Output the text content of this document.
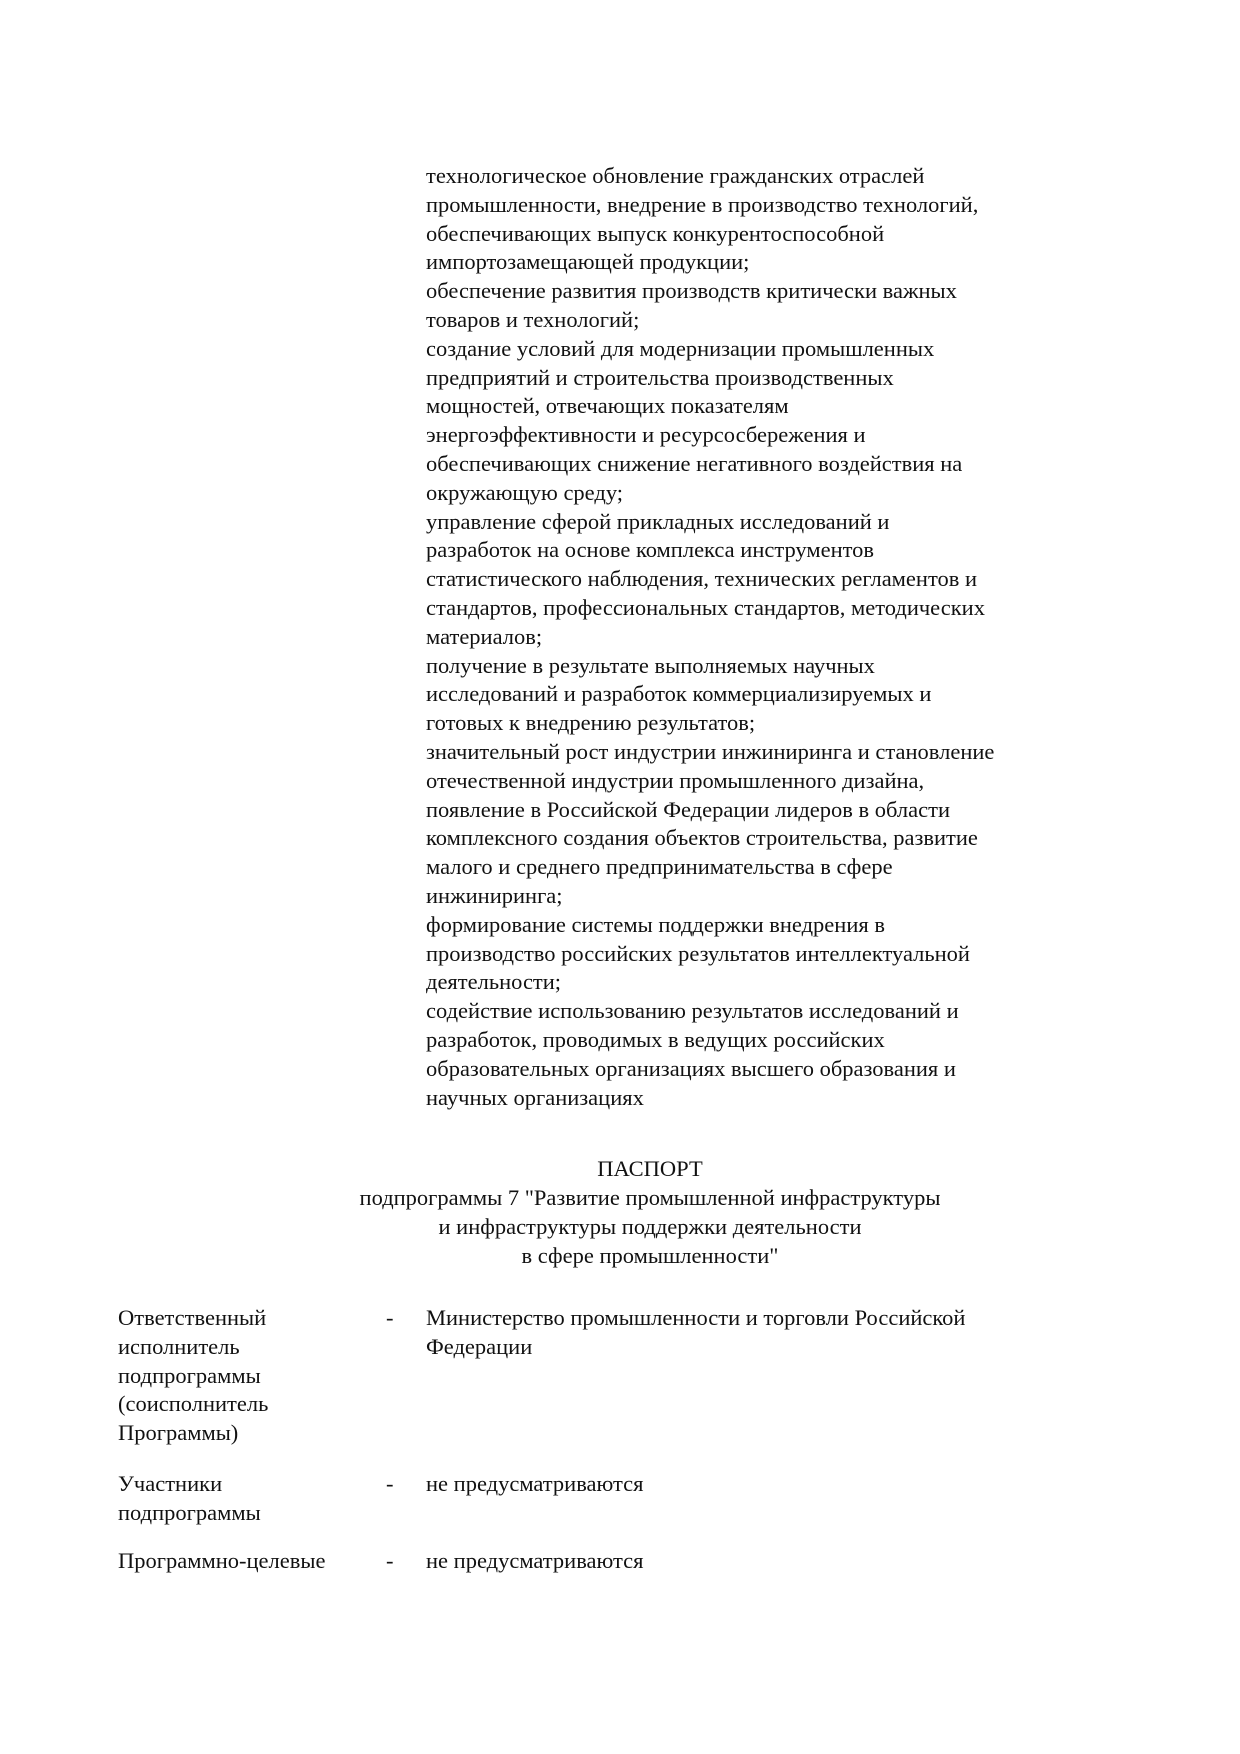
технологическое обновление гражданских отраслей
промышленности, внедрение в производство технологий,
обеспечивающих выпуск конкурентоспособной
импортозамещающей продукции;
обеспечение развития производств критически важных
товаров и технологий;
создание условий для модернизации промышленных
предприятий и строительства производственных
мощностей, отвечающих показателям
энергоэффективности и ресурсосбережения и
обеспечивающих снижение негативного воздействия на
окружающую среду;
управление сферой прикладных исследований и
разработок на основе комплекса инструментов
статистического наблюдения, технических регламентов и
стандартов, профессиональных стандартов, методических
материалов;
получение в результате выполняемых научных
исследований и разработок коммерциализируемых и
готовых к внедрению результатов;
значительный рост индустрии инжиниринга и становление
отечественной индустрии промышленного дизайна,
появление в Российской Федерации лидеров в области
комплексного создания объектов строительства, развитие
малого и среднего предпринимательства в сфере
инжиниринга;
формирование системы поддержки внедрения в
производство российских результатов интеллектуальной
деятельности;
содействие использованию результатов исследований и
разработок, проводимых в ведущих российских
образовательных организациях высшего образования и
научных организациях
ПАСПОРТ
подпрограммы 7 "Развитие промышленной инфраструктуры
и инфраструктуры поддержки деятельности
в сфере промышленности"
Ответственный
исполнитель
подпрограммы
(соисполнитель
Программы)
- Министерство промышленности и торговли Российской
Федерации
Участники
подпрограммы
- не предусматриваются
Программно-целевые	- не предусматриваются
